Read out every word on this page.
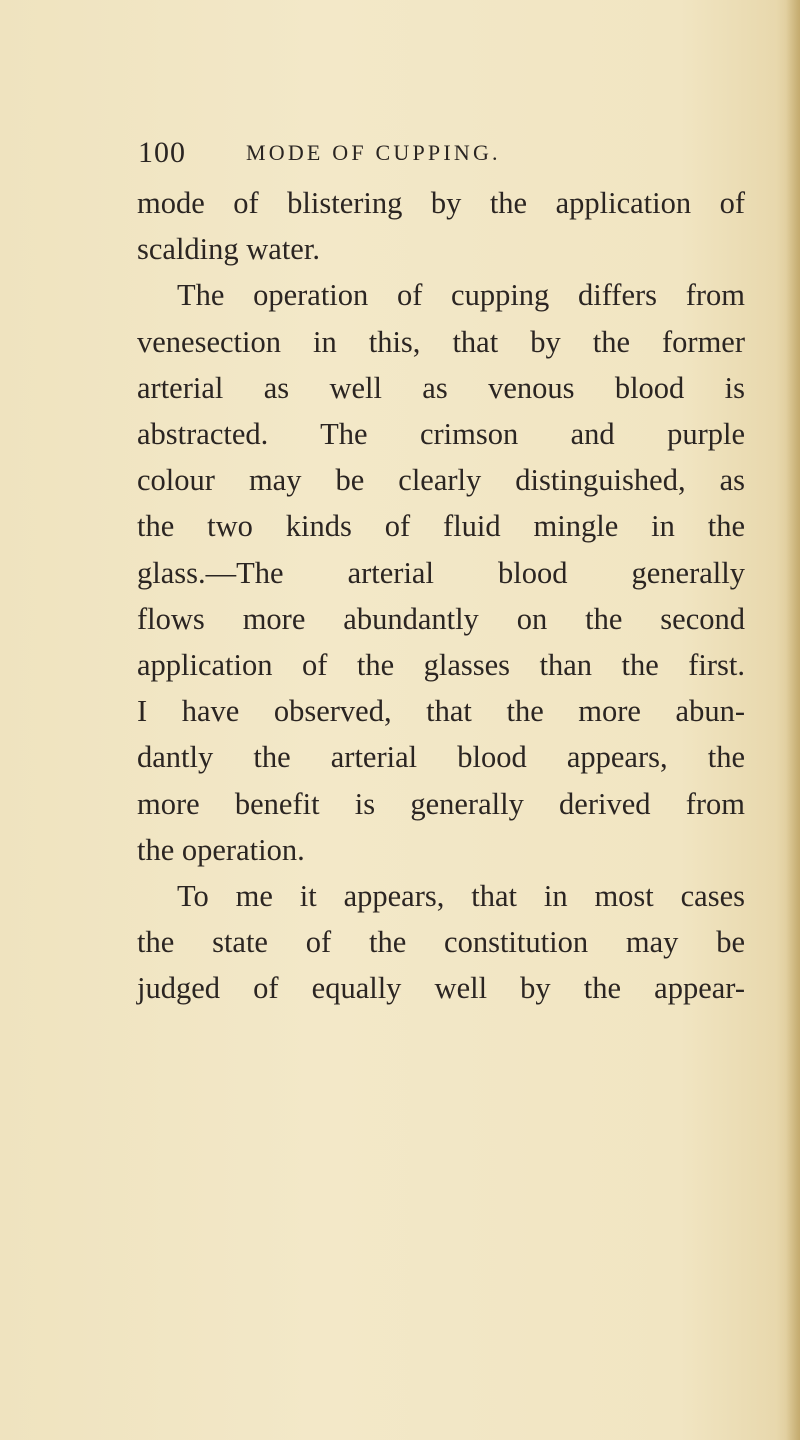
100	MODE OF CUPPING.
mode of blistering by the application of
scalding water.
The operation of cupping differs from
venesection in this, that by the former
arterial as well as venous blood is
abstracted. The crimson and purple
colour may be clearly distinguished, as
the two kinds of fluid mingle in the
glass.—The arterial blood generally
flows more abundantly on the second
application of the glasses than the first.
I have observed, that the more abun-
dantly the arterial blood appears, the
more benefit is generally derived from
the operation.
To me it appears, that in most cases
the state of the constitution may be
judged of equally well by the appear-
